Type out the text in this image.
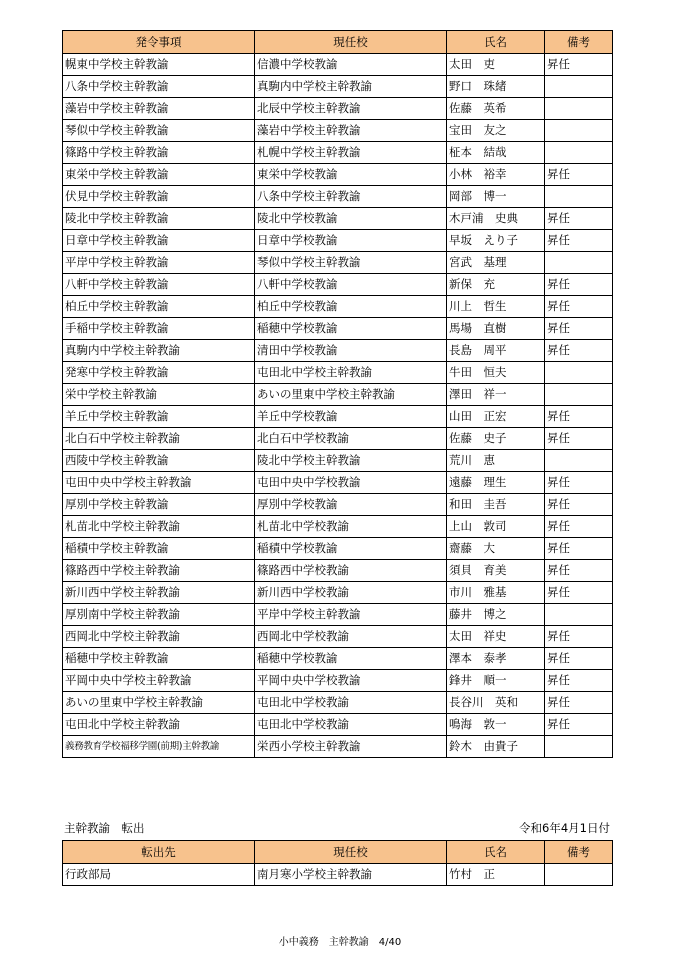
発令事項	現任校	氏名	備考
幌東中学校主幹教諭	信濃中学校教諭	太田　吏	昇任
八条中学校主幹教諭	真駒内中学校主幹教諭	野口　珠緒	
藻岩中学校主幹教諭	北辰中学校主幹教諭	佐藤　英希	
琴似中学校主幹教諭	藻岩中学校主幹教諭	宝田　友之	
篠路中学校主幹教諭	札幌中学校主幹教諭	柾本　結哉	
東栄中学校主幹教諭	東栄中学校教諭	小林　裕幸	昇任
伏見中学校主幹教諭	八条中学校主幹教諭	岡部　博一	
陵北中学校主幹教諭	陵北中学校教諭	木戸浦　史典	昇任
日章中学校主幹教諭	日章中学校教諭	早坂　えり子	昇任
平岸中学校主幹教諭	琴似中学校主幹教諭	宮武　基理	
八軒中学校主幹教諭	八軒中学校教諭	新保　充	昇任
柏丘中学校主幹教諭	柏丘中学校教諭	川上　哲生	昇任
手稲中学校主幹教諭	稲穂中学校教諭	馬場　直樹	昇任
真駒内中学校主幹教諭	清田中学校教諭	長島　周平	昇任
発寒中学校主幹教諭	屯田北中学校主幹教諭	牛田　恒夫	
栄中学校主幹教諭	あいの里東中学校主幹教諭	澤田　祥一	
羊丘中学校主幹教諭	羊丘中学校教諭	山田　正宏	昇任
北白石中学校主幹教諭	北白石中学校教諭	佐藤　史子	昇任
西陵中学校主幹教諭	陵北中学校主幹教諭	荒川　恵	
屯田中央中学校主幹教諭	屯田中央中学校教諭	遠藤　理生	昇任
厚別中学校主幹教諭	厚別中学校教諭	和田　圭吾	昇任
札苗北中学校主幹教諭	札苗北中学校教諭	上山　敦司	昇任
稲積中学校主幹教諭	稲積中学校教諭	齋藤　大	昇任
篠路西中学校主幹教諭	篠路西中学校教諭	須貝　育美	昇任
新川西中学校主幹教諭	新川西中学校教諭	市川　雅基	昇任
厚別南中学校主幹教諭	平岸中学校主幹教諭	藤井　博之	
西岡北中学校主幹教諭	西岡北中学校教諭	太田　祥史	昇任
稲穂中学校主幹教諭	稲穂中学校教諭	澤本　泰孝	昇任
平岡中央中学校主幹教諭	平岡中央中学校教諭	鋒井　順一	昇任
あいの里東中学校主幹教諭	屯田北中学校教諭	長谷川　英和	昇任
屯田北中学校主幹教諭	屯田北中学校教諭	鳴海　敦一	昇任
義務教育学校福移学園(前期)主幹教諭	栄西小学校主幹教諭	鈴木　由貴子	
主幹教諭　転出	令和6年4月1日付
転出先	現任校	氏名	備考
行政部局	南月寒小学校主幹教諭	竹村　正	
小中義務　主幹教諭　4/40
